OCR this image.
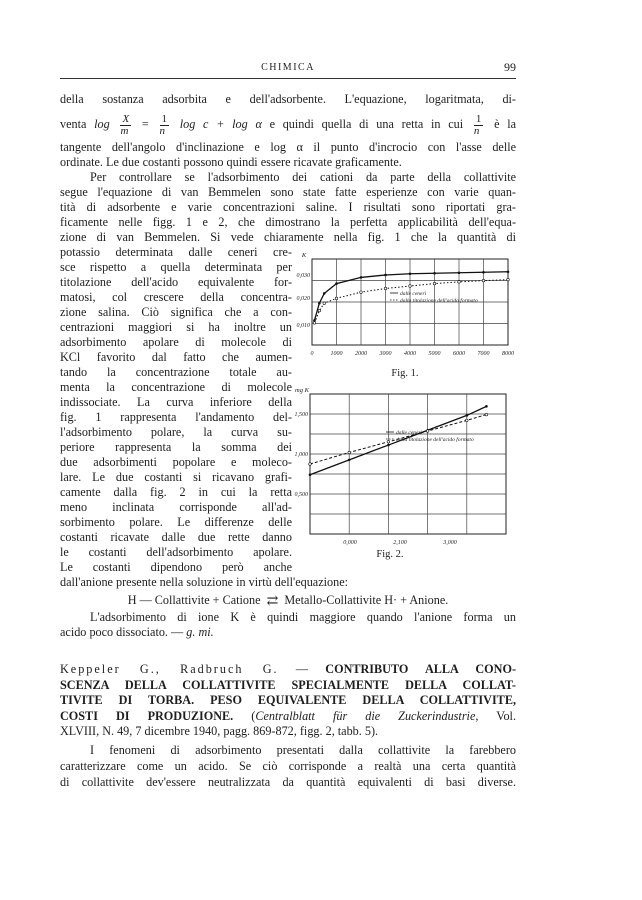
CHIMICA	99
della sostanza adsorbita e dell'adsorbente. L'equazione, logaritmata, di-
venta $\log \frac{X}{m} = \frac{1}{n}$ log c + log α e quindi quella di una retta in cui $\frac{1}{n}$ è la
tangente dell'angolo d'inclinazione e log α il punto d'incrocio con l'asse delle
ordinate. Le due costanti possono quindi essere ricavate graficamente.
Per controllare se l'adsorbimento dei cationi da parte della collattivite
segue l'equazione di van Bemmelen sono state fatte esperienze con varie quan-
tità di adsorbente e varie concentrazioni saline. I risultati sono riportati gra-
ficamente nelle figg. 1 e 2, che dimostrano la perfetta applicabilità dell'equa-
zione di van Bemmelen. Si vede chiaramente nella fig. 1 che la quantità di
potassio determinata dalle ceneri cre-
sce rispetto a quella determinata per
titolazione dell'acido equivalente for-
matosi, col crescere della concentra-
zione salina. Ciò significa che a con-
centrazioni maggiori si ha inoltre un
adsorbimento apolare di molecole di
KCl favorito dal fatto che aumen-
tando la concentrazione totale au-
menta la concentrazione di molecole
indissociate. La curva inferiore della
fig. 1 rappresenta l'andamento del-
l'adsorbimento polare, la curva su-
periore rappresenta la somma dei
due adsorbimenti popolare e moleco-
lare. Le due costanti si ricavano grafi-
camente dalla fig. 2 in cui la retta
meno inclinata corrisponde all'ad-
sorbimento polare. Le differenze delle
costanti ricavate dalle due rette danno
le costanti dell'adsorbimento apolare.
Le costanti dipendono però anche
dall'anione presente nella soluzione in virtù dell'equazione:
H — Collattivite + Catione ⇄ Metallo-Collattivite H· + Anione.
L'adsorbimento di ione K è quindi maggiore quando l'anione forma un
acido poco dissociato. — g. mi.
0	1000 2000 3000 4000 5000 6000 7000 8000
0,010
0,020
0,030
K
dalle ceneri
dalla titolazione dell'acido formato
Fig. 1.
0,000	2,100	3,000
0,500
1,000
1,500
mg K
dalle ceneri
dalla titolazione dell'acido formato
Fig. 2.
Keppeler G., Radbruch G. — CONTRIBUTO ALLA CONO-
SCENZA DELLA COLLATTIVITE SPECIALMENTE DELLA COLLAT-
TIVITE DI TORBA. PESO EQUIVALENTE DELLA COLLATTIVITE,
COSTI DI PRODUZIONE. (Centralblatt für die Zuckerindustrie, Vol.
XLVIII, N. 49, 7 dicembre 1940, pagg. 869-872, figg. 2, tabb. 5).
I fenomeni di adsorbimento presentati dalla collattivite la farebbero
caratterizzare come un acido. Se ciò corrisponde a realtà una certa quantità
di collattivite dev'essere neutralizzata da quantità equivalenti di basi diverse.
